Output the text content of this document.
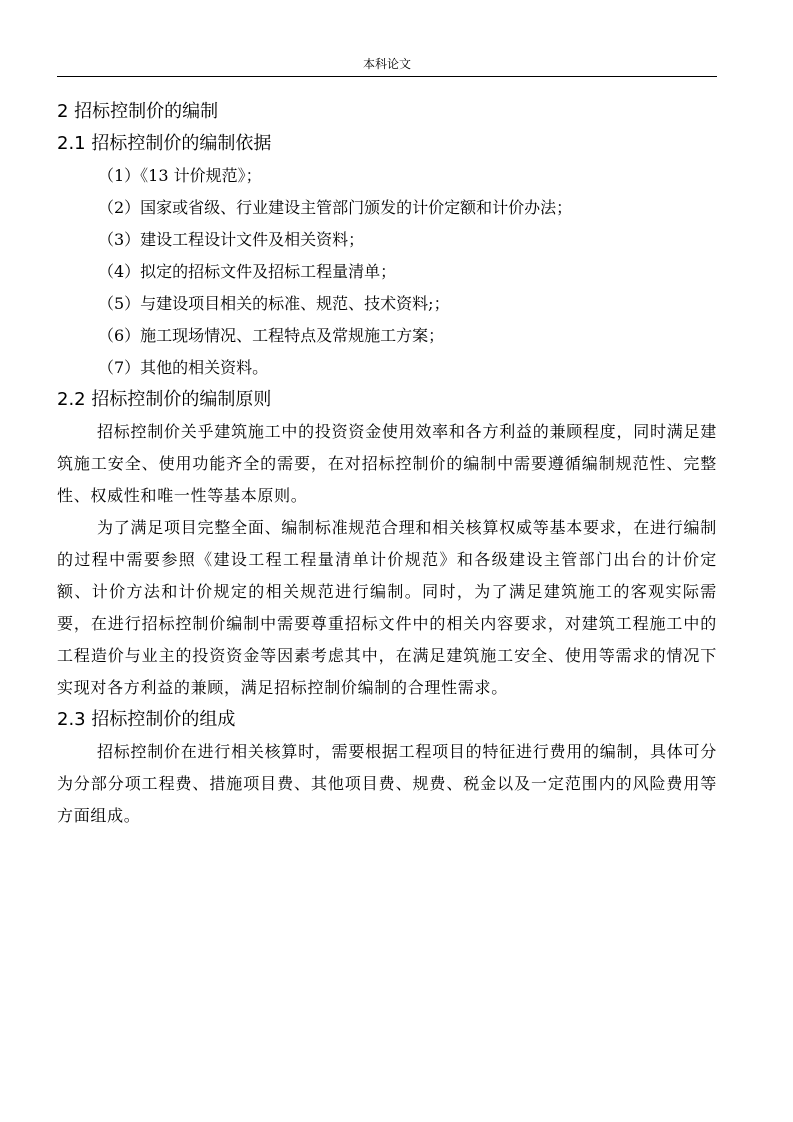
本科论文
2 招标控制价的编制
2.1 招标控制价的编制依据
（1）《13 计价规范》；
（2）国家或省级、行业建设主管部门颁发的计价定额和计价办法；
（3）建设工程设计文件及相关资料；
（4）拟定的招标文件及招标工程量清单；
（5）与建设项目相关的标准、规范、技术资料;；
（6）施工现场情况、工程特点及常规施工方案；
（7）其他的相关资料。
2.2 招标控制价的编制原则

招标控制价关乎建筑施工中的投资资金使用效率和各方利益的兼顾程度，同时满足建筑施工安全、使用功能齐全的需要，在对招标控制价的编制中需要遵循编制规范性、完整性、权威性和唯一性等基本原则。

为了满足项目完整全面、编制标准规范合理和相关核算权威等基本要求，在进行编制的过程中需要参照《建设工程工程量清单计价规范》和各级建设主管部门出台的计价定额、计价方法和计价规定的相关规范进行编制。同时，为了满足建筑施工的客观实际需要，在进行招标控制价编制中需要尊重招标文件中的相关内容要求，对建筑工程施工中的工程造价与业主的投资资金等因素考虑其中，在满足建筑施工安全、使用等需求的情况下实现对各方利益的兼顾，满足招标控制价编制的合理性需求。

2.3 招标控制价的组成

招标控制价在进行相关核算时，需要根据工程项目的特征进行费用的编制，具体可分为分部分项工程费、措施项目费、其他项目费、规费、税金以及一定范围内的风险费用等方面组成。
